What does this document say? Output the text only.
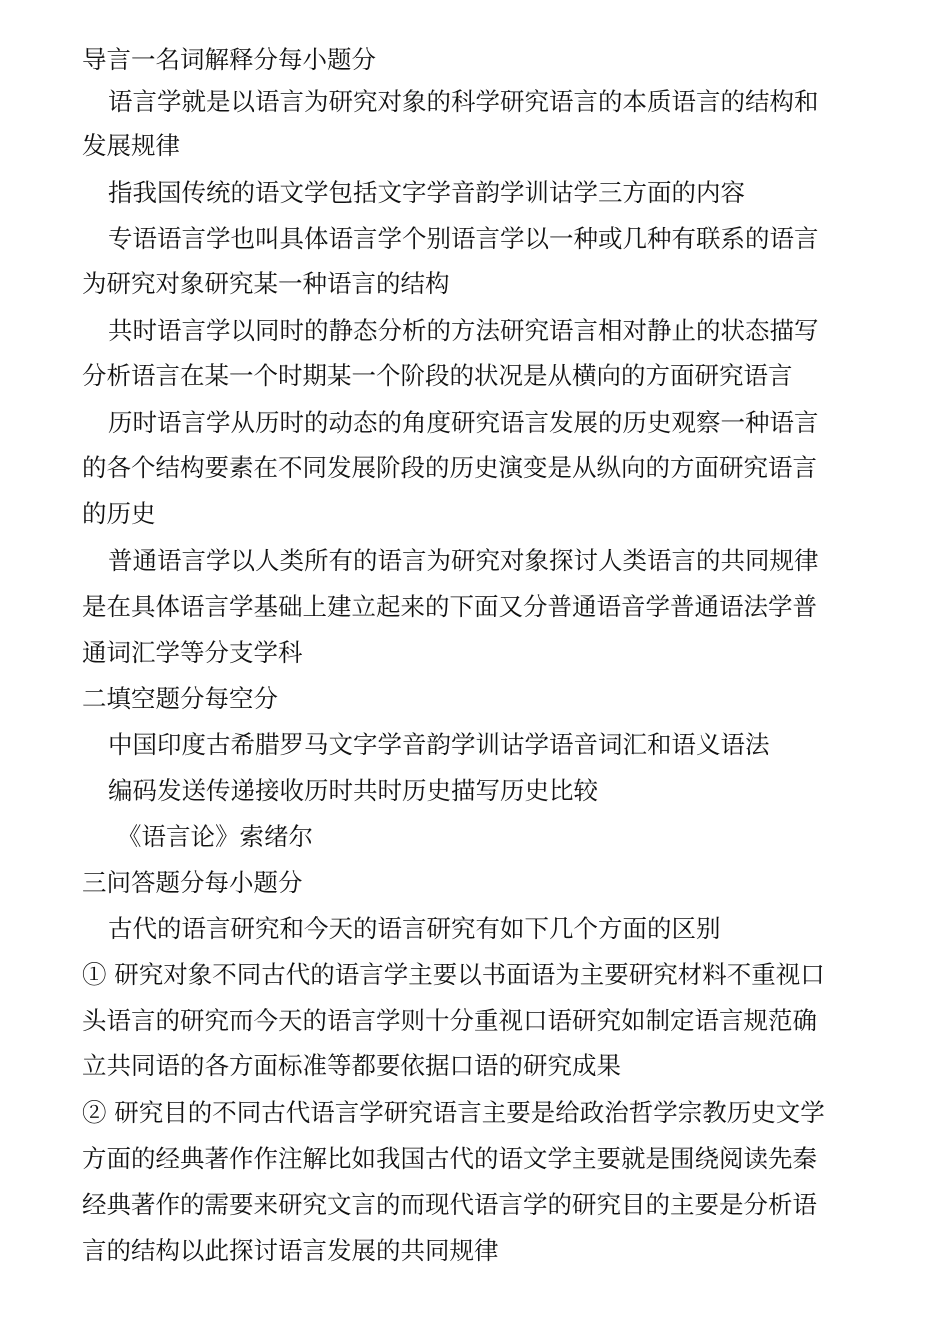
导言一名词解释分每小题分
语言学就是以语言为研究对象的科学研究语言的本质语言的结构和
发展规律
指我国传统的语文学包括文字学音韵学训诂学三方面的内容
专语语言学也叫具体语言学个别语言学以一种或几种有联系的语言
为研究对象研究某一种语言的结构
共时语言学以同时的静态分析的方法研究语言相对静止的状态描写
分析语言在某一个时期某一个阶段的状况是从横向的方面研究语言
历时语言学从历时的动态的角度研究语言发展的历史观察一种语言
的各个结构要素在不同发展阶段的历史演变是从纵向的方面研究语言
的历史
普通语言学以人类所有的语言为研究对象探讨人类语言的共同规律
是在具体语言学基础上建立起来的下面又分普通语音学普通语法学普
通词汇学等分支学科
二填空题分每空分
中国印度古希腊罗马文字学音韵学训诂学语音词汇和语义语法
编码发送传递接收历时共时历史描写历史比较
《语言论》索绪尔
三问答题分每小题分
古代的语言研究和今天的语言研究有如下几个方面的区别
① 研究对象不同古代的语言学主要以书面语为主要研究材料不重视口
头语言的研究而今天的语言学则十分重视口语研究如制定语言规范确
立共同语的各方面标准等都要依据口语的研究成果
② 研究目的不同古代语言学研究语言主要是给政治哲学宗教历史文学
方面的经典著作作注解比如我国古代的语文学主要就是围绕阅读先秦
经典著作的需要来研究文言的而现代语言学的研究目的主要是分析语
言的结构以此探讨语言发展的共同规律
